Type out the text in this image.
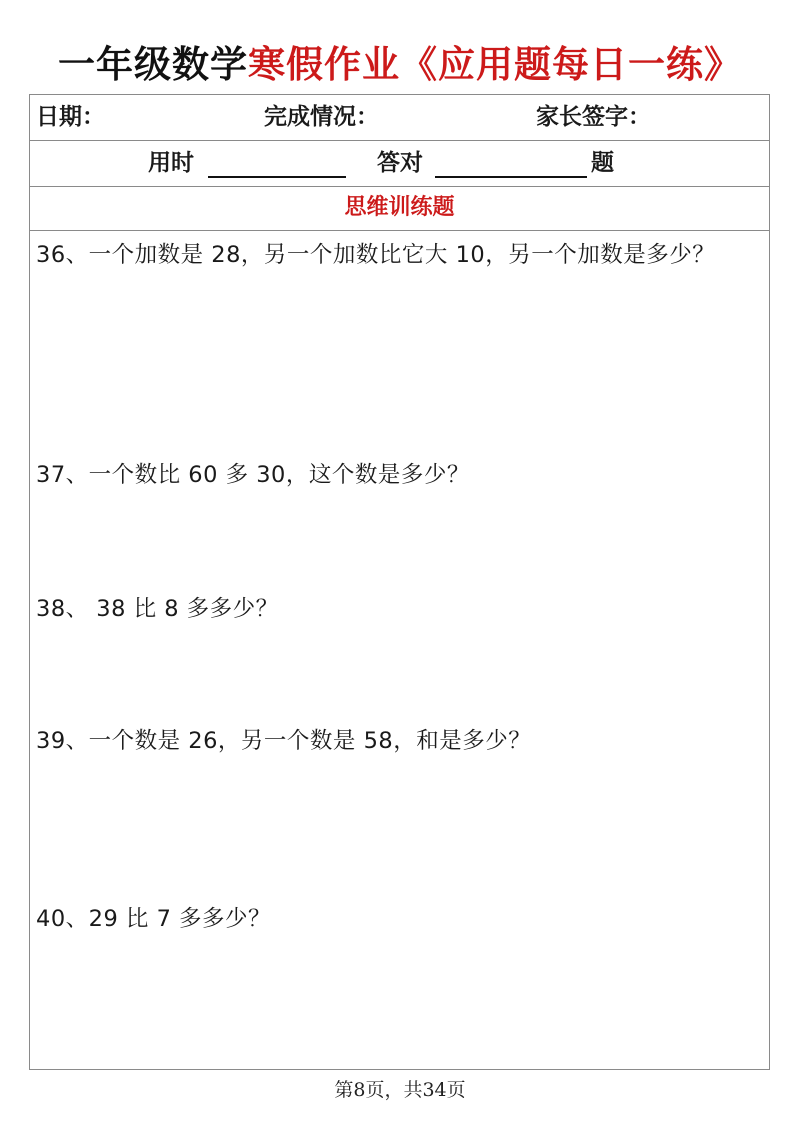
一年级数学寒假作业《应用题每日一练》
日期：	完成情况：	家长签字：
用时	答对	题
思维训练题
36、一个加数是 28，另一个加数比它大 10，另一个加数是多少？
37、一个数比 60 多 30，这个数是多少？
38、 38 比 8 多多少？
39、一个数是 26，另一个数是 58，和是多少？
40、29 比 7 多多少？
第8页，共34页
